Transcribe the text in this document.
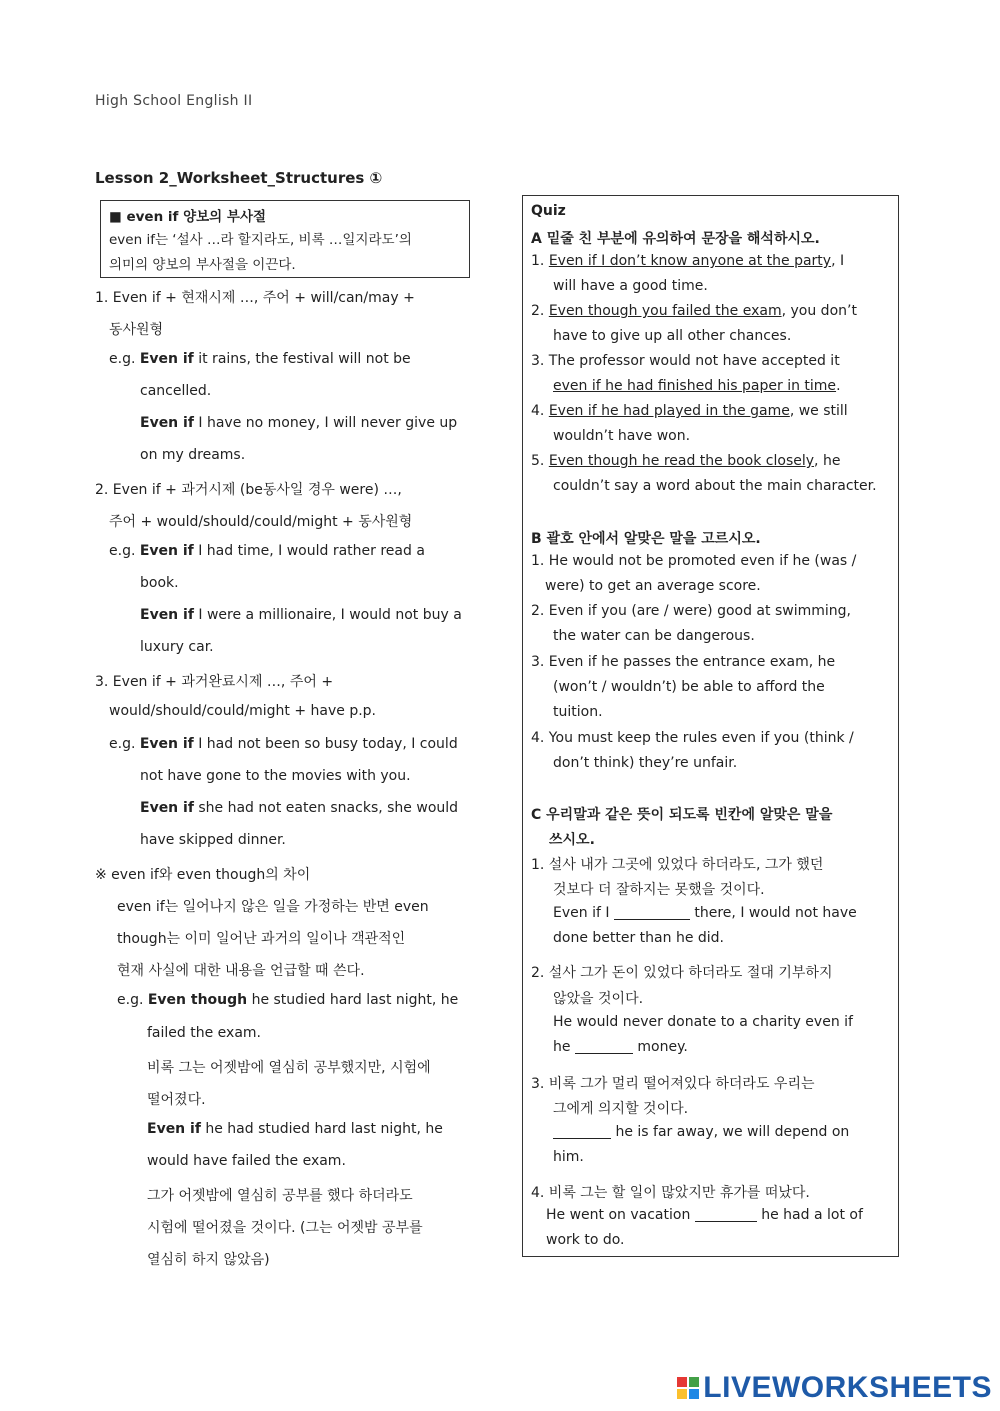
High School English II
Lesson 2_Worksheet_Structures ①
■ even if 양보의 부사절
even if는 ‘설사 …라 할지라도, 비록 …일지라도’의
의미의 양보의 부사절을 이끈다.
1. Even if + 현재시제 …, 주어 + will/can/may +
동사원형
e.g. Even if it rains, the festival will not be
cancelled.
Even if I have no money, I will never give up
on my dreams.
2. Even if + 과거시제 (be동사일 경우 were) …,
주어 + would/should/could/might + 동사원형
e.g. Even if I had time, I would rather read a
book.
Even if I were a millionaire, I would not buy a
luxury car.
3. Even if + 과거완료시제 …, 주어 +
would/should/could/might + have p.p.
e.g. Even if I had not been so busy today, I could
not have gone to the movies with you.
Even if she had not eaten snacks, she would
have skipped dinner.
※ even if와 even though의 차이
even if는 일어나지 않은 일을 가정하는 반면 even
though는 이미 일어난 과거의 일이나 객관적인
현재 사실에 대한 내용을 언급할 때 쓴다.
e.g. Even though he studied hard last night, he
failed the exam.
비록 그는 어젯밤에 열심히 공부했지만, 시험에
떨어졌다.
Even if he had studied hard last night, he
would have failed the exam.
그가 어젯밤에 열심히 공부를 했다 하더라도
시험에 떨어졌을 것이다. (그는 어젯밤 공부를
열심히 하지 않았음)
Quiz
A 밑줄 친 부분에 유의하여 문장을 해석하시오.
1. Even if I don’t know anyone at the party, I
will have a good time.
2. Even though you failed the exam, you don’t
have to give up all other chances.
3. The professor would not have accepted it
even if he had finished his paper in time.
4. Even if he had played in the game, we still
wouldn’t have won.
5. Even though he read the book closely, he
couldn’t say a word about the main character.
B 괄호 안에서 알맞은 말을 고르시오.
1. He would not be promoted even if he (was /
were) to get an average score.
2. Even if you (are / were) good at swimming,
the water can be dangerous.
3. Even if he passes the entrance exam, he
(won’t / wouldn’t) be able to afford the
tuition.
4. You must keep the rules even if you (think /
don’t think) they’re unfair.
C 우리말과 같은 뜻이 되도록 빈칸에 알맞은 말을
쓰시오.
1. 설사 내가 그곳에 있었다 하더라도, 그가 했던
것보다 더 잘하지는 못했을 것이다.
Even if I	there, I would not have
done better than he did.
2. 설사 그가 돈이 있었다 하더라도 절대 기부하지
않았을 것이다.
He would never donate to a charity even if
he	money.
3. 비록 그가 멀리 떨어져있다 하더라도 우리는
그에게 의지할 것이다.
he is far away, we will depend on
him.
4. 비록 그는 할 일이 많았지만 휴가를 떠났다.
He went on vacation	he had a lot of
work to do.
LIVEWORKSHEETS
